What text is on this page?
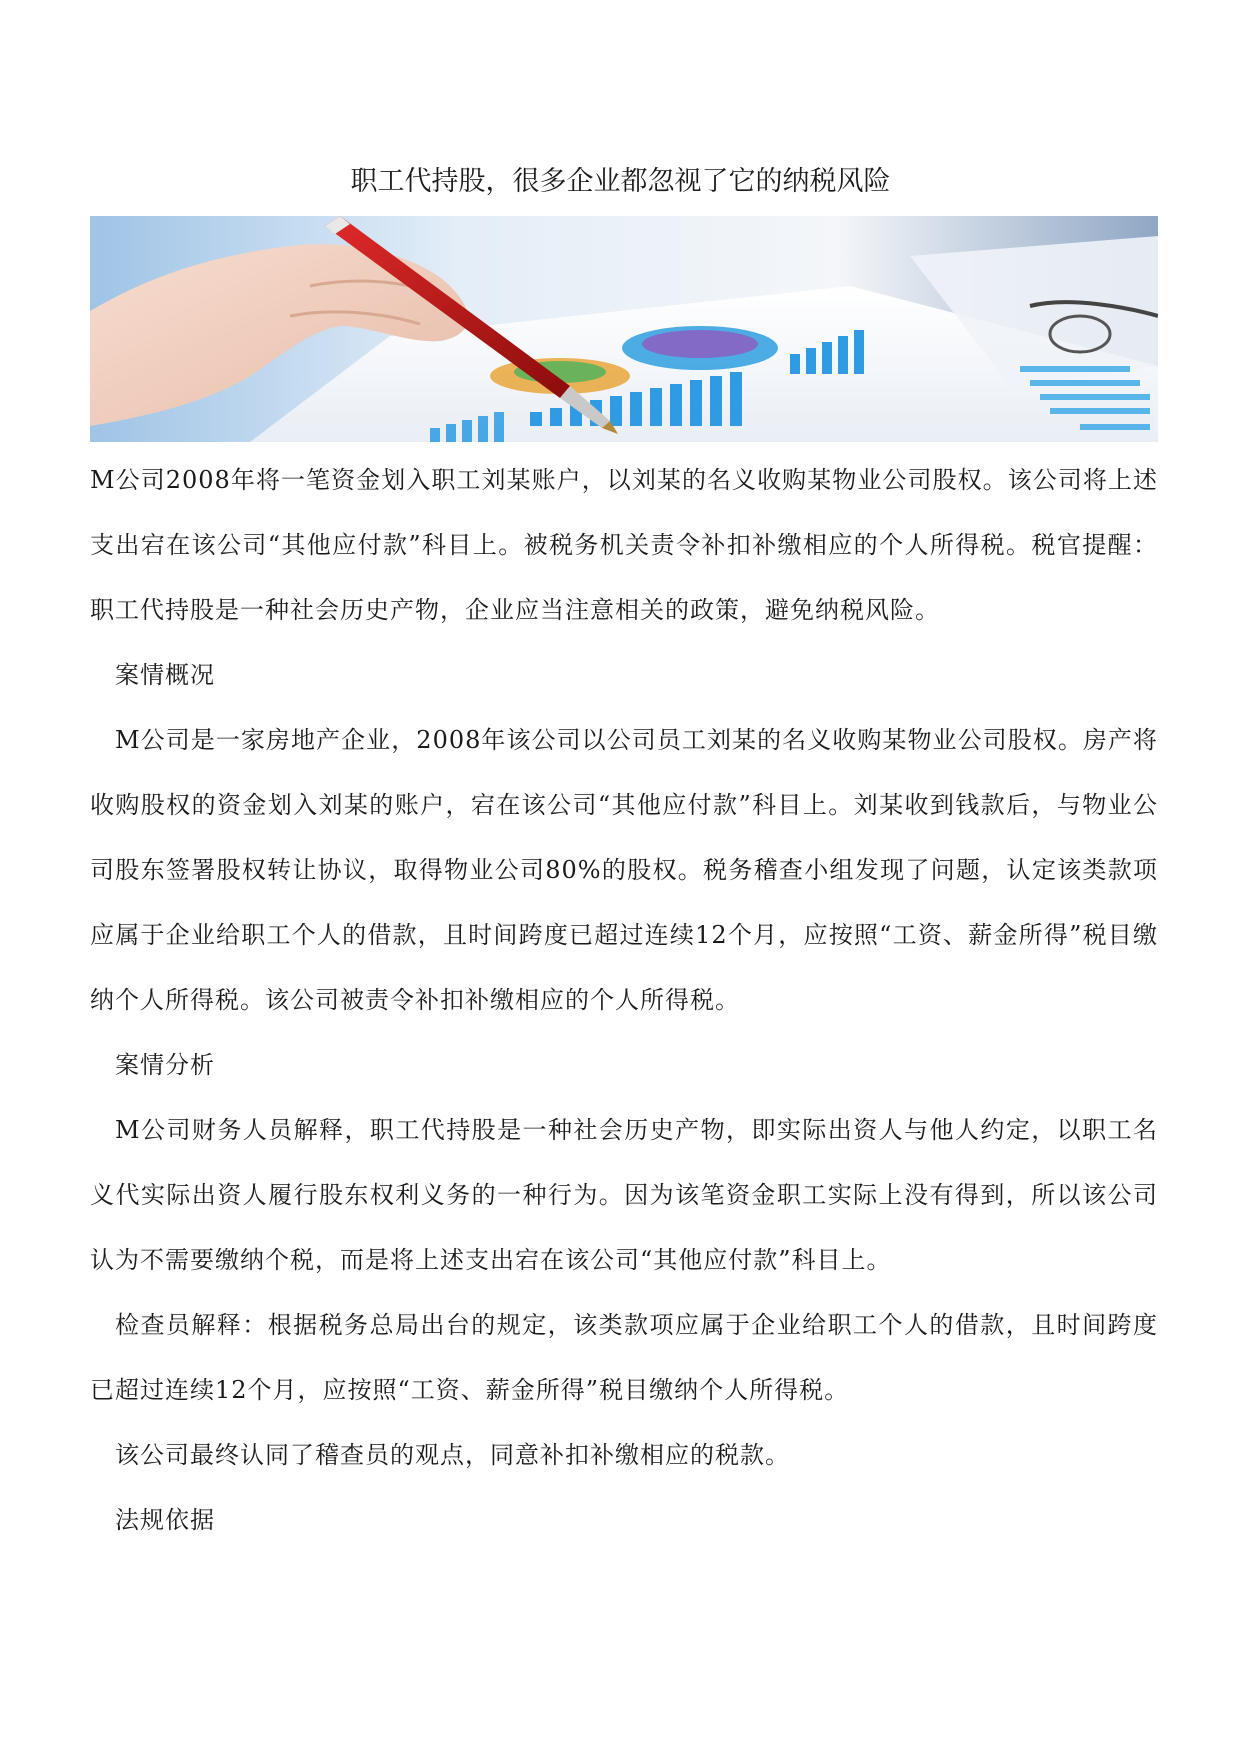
职工代持股，很多企业都忽视了它的纳税风险

M公司2008年将一笔资金划入职工刘某账户，以刘某的名义收购某物业公司股权。该公司将上述支出宕在该公司“其他应付款”科目上。被税务机关责令补扣补缴相应的个人所得税。税官提醒：职工代持股是一种社会历史产物，企业应当注意相关的政策，避免纳税风险。

案情概况

M公司是一家房地产企业，2008年该公司以公司员工刘某的名义收购某物业公司股权。房产将收购股权的资金划入刘某的账户，宕在该公司“其他应付款”科目上。刘某收到钱款后，与物业公司股东签署股权转让协议，取得物业公司80%的股权。税务稽查小组发现了问题，认定该类款项应属于企业给职工个人的借款，且时间跨度已超过连续12个月，应按照“工资、薪金所得”税目缴纳个人所得税。该公司被责令补扣补缴相应的个人所得税。

案情分析

M公司财务人员解释，职工代持股是一种社会历史产物，即实际出资人与他人约定，以职工名义代实际出资人履行股东权利义务的一种行为。因为该笔资金职工实际上没有得到，所以该公司认为不需要缴纳个税，而是将上述支出宕在该公司“其他应付款”科目上。

检查员解释：根据税务总局出台的规定，该类款项应属于企业给职工个人的借款，且时间跨度已超过连续12个月，应按照“工资、薪金所得”税目缴纳个人所得税。

该公司最终认同了稽查员的观点，同意补扣补缴相应的税款。

法规依据
